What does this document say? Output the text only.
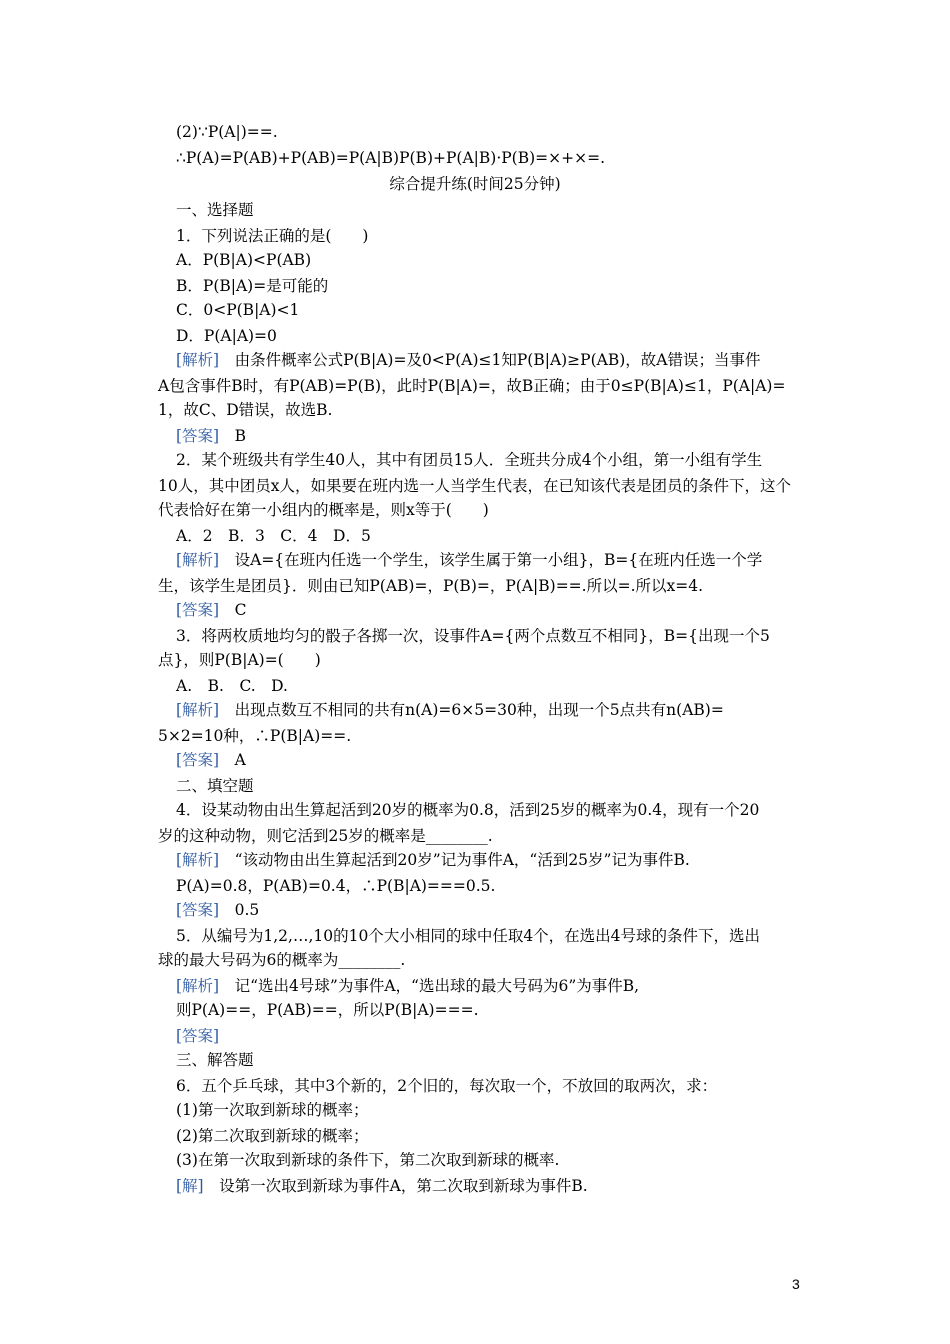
(2)∵P(A|)==.
∴P(A)=P(AB)+P(AB)=P(A|B)P(B)+P(A|B)·P(B)=×+×=.
综合提升练(时间25分钟)
一、选择题
1．下列说法正确的是(　　)
A．P(B|A)<P(AB)
B．P(B|A)=是可能的
C．0<P(B|A)<1
D．P(A|A)=0
[解析]　 由条件概率公式P(B|A)=及0<P(A)≤1知P(B|A)≥P(AB)，故A错误；当事件
A包含事件B时，有P(AB)=P(B)，此时P(B|A)=，故B正确；由于0≤P(B|A)≤1，P(A|A)=
1，故C、D错误，故选B.
[答案]　 B
2．某个班级共有学生40人，其中有团员15人．全班共分成4个小组，第一小组有学生
10人，其中团员x人，如果要在班内选一人当学生代表，在已知该代表是团员的条件下，这个
代表恰好在第一小组内的概率是，则x等于(　　)
A．2　B．3　C．4　D．5
[解析]　 设A={在班内任选一个学生，该学生属于第一小组}，B={在班内任选一个学
生，该学生是团员}．则由已知P(AB)=，P(B)=，P(A|B)==.所以=.所以x=4.
[答案]　 C
3．将两枚质地均匀的骰子各掷一次，设事件A={两个点数互不相同}，B={出现一个5
点}，则P(B|A)=(　　)
A.　B.　C.　D.
[解析]　 出现点数互不相同的共有n(A)=6×5=30种，出现一个5点共有n(AB)=
5×2=10种，∴P(B|A)==.
[答案]　 A
二、填空题
4．设某动物由出生算起活到20岁的概率为0.8，活到25岁的概率为0.4，现有一个20
岁的这种动物，则它活到25岁的概率是________.
[解析]　 “该动物由出生算起活到20岁”记为事件A，“活到25岁”记为事件B.
P(A)=0.8，P(AB)=0.4，∴P(B|A)===0.5.
[答案]　 0.5
5．从编号为1,2,…,10的10个大小相同的球中任取4个，在选出4号球的条件下，选出
球的最大号码为6的概率为________.
[解析]　 记“选出4号球”为事件A，“选出球的最大号码为6”为事件B,
则P(A)==，P(AB)==，所以P(B|A)===.
[答案]
三、解答题
6．五个乒乓球，其中3个新的，2个旧的，每次取一个，不放回的取两次，求：
(1)第一次取到新球的概率；
(2)第二次取到新球的概率；
(3)在第一次取到新球的条件下，第二次取到新球的概率.
[解]　 设第一次取到新球为事件A，第二次取到新球为事件B.
3
